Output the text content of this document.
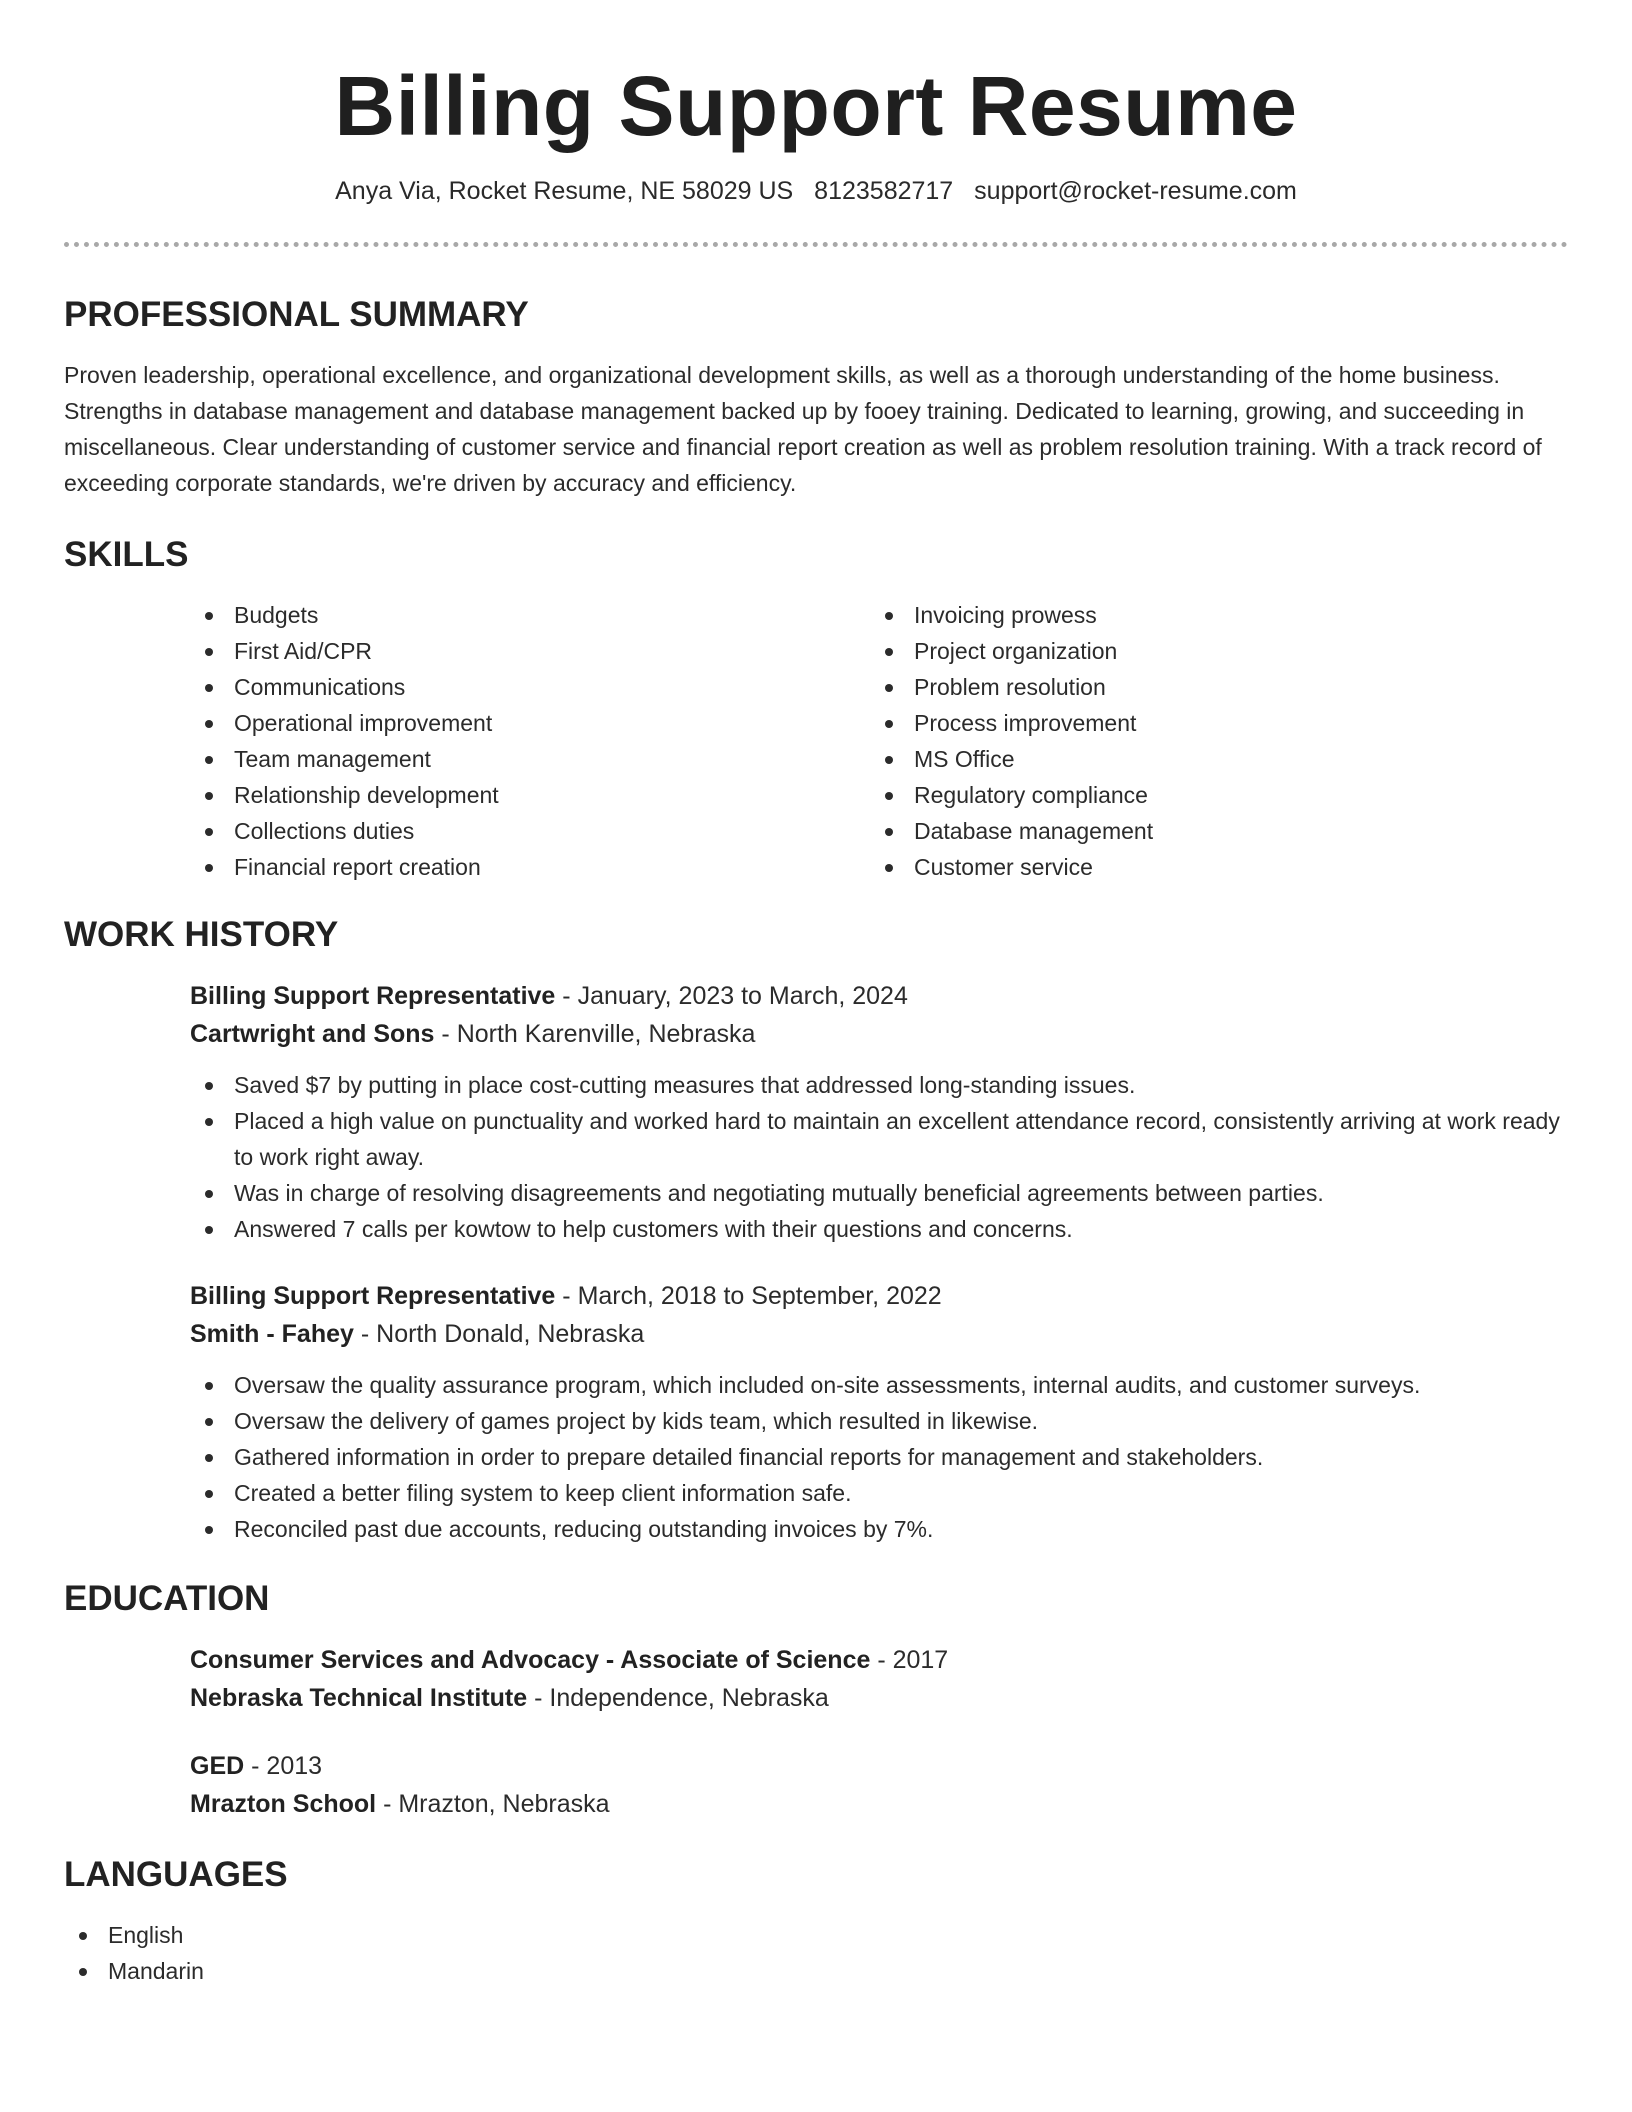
Billing Support Resume
Anya Via, Rocket Resume, NE 58029 US 8123582717 support@rocket-resume.com
PROFESSIONAL SUMMARY

Proven leadership, operational excellence, and organizational development skills, as well as a thorough understanding of the home business. Strengths in database management and database management backed up by fooey training. Dedicated to learning, growing, and succeeding in miscellaneous. Clear understanding of customer service and financial report creation as well as problem resolution training. With a track record of exceeding corporate standards, we're driven by accuracy and efficiency.

SKILLS
Budgets
First Aid/CPR
Communications
Operational improvement
Team management
Relationship development
Collections duties
Financial report creation
Invoicing prowess
Project organization
Problem resolution
Process improvement
MS Office
Regulatory compliance
Database management
Customer service
WORK HISTORY

Billing Support Representative - January, 2023 to March, 2024

Cartwright and Sons - North Karenville, Nebraska

Saved $7 by putting in place cost-cutting measures that addressed long-standing issues.
Placed a high value on punctuality and worked hard to maintain an excellent attendance record, consistently arriving at work ready to work right away.
Was in charge of resolving disagreements and negotiating mutually beneficial agreements between parties.
Answered 7 calls per kowtow to help customers with their questions and concerns.

Billing Support Representative - March, 2018 to September, 2022

Smith - Fahey - North Donald, Nebraska

Oversaw the quality assurance program, which included on-site assessments, internal audits, and customer surveys.
Oversaw the delivery of games project by kids team, which resulted in likewise.
Gathered information in order to prepare detailed financial reports for management and stakeholders.
Created a better filing system to keep client information safe.
Reconciled past due accounts, reducing outstanding invoices by 7%.
EDUCATION

Consumer Services and Advocacy - Associate of Science - 2017

Nebraska Technical Institute - Independence, Nebraska

GED - 2013

Mrazton School - Mrazton, Nebraska

LANGUAGES
English
Mandarin
